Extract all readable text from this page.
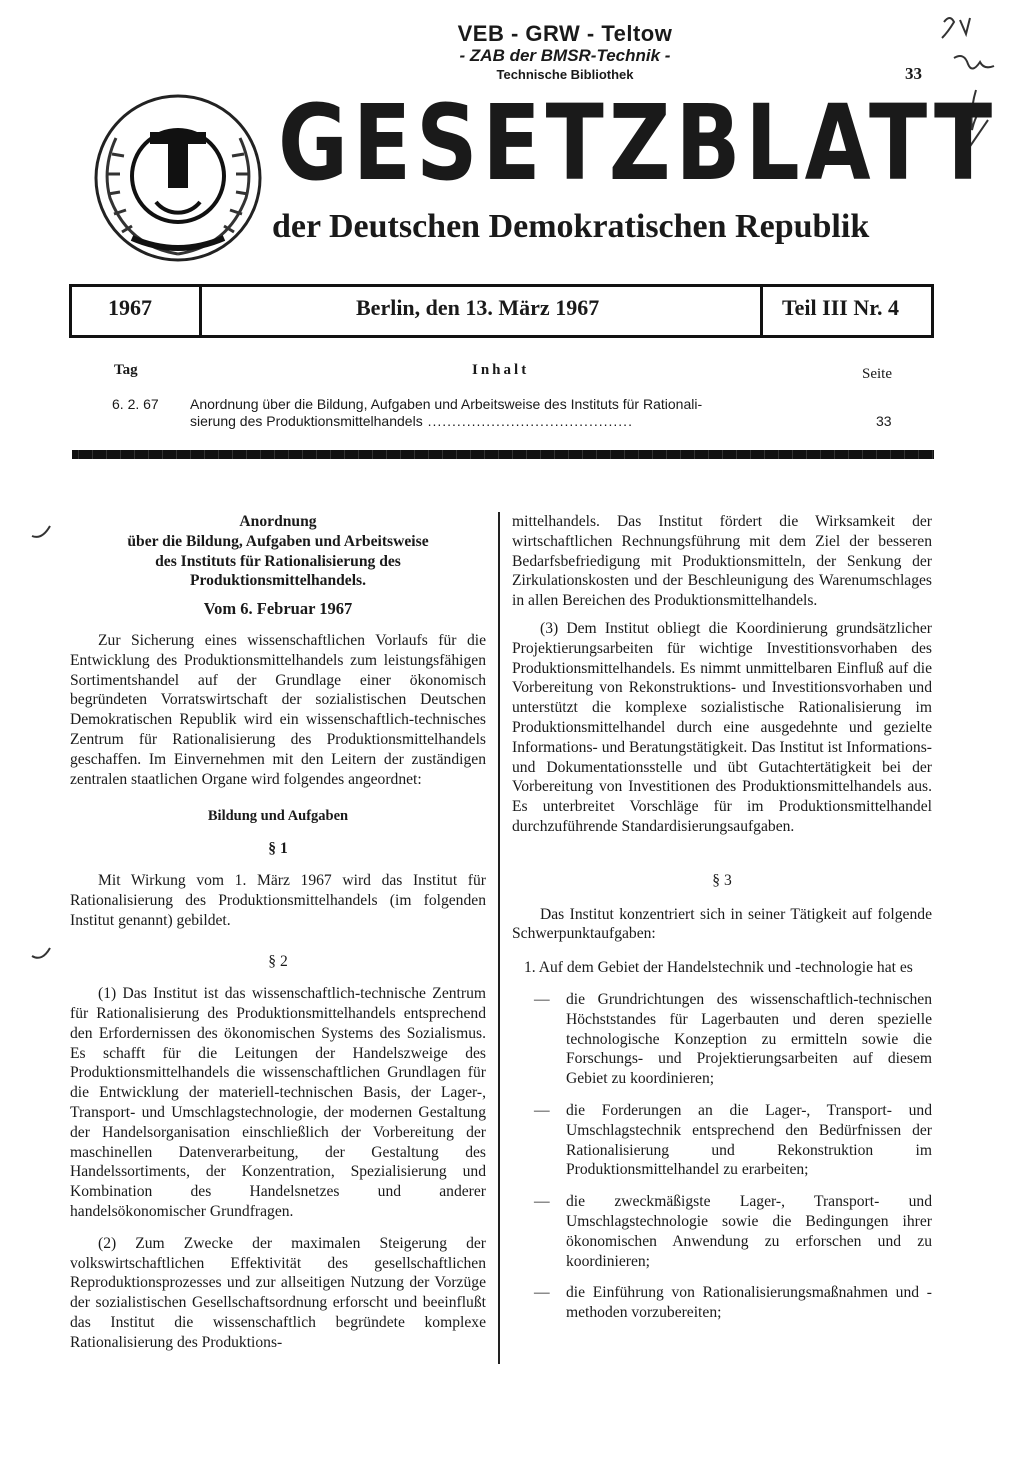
VEB - GRW - Teltow
- ZAB der BMSR-Technik -
Technische Bibliothek	33
GESETZBLATT
der Deutschen Demokratischen Republik
1967	Berlin, den 13. März 1967	Teil III Nr. 4
Tag	Inhalt	Seite
6. 2. 67 Anordnung über die Bildung, Aufgaben und Arbeitsweise des Instituts für Rationali-
sierung des Produktionsmittelhandels ..........................................	33

Anordnung

über die Bildung, Aufgaben und Arbeitsweise

des Instituts für Rationalisierung des

Produktionsmittelhandels.

Vom 6. Februar 1967

Zur Sicherung eines wissenschaftlichen Vorlaufs für die Entwicklung des Produktionsmittelhandels zum leistungsfähigen Sortimentshandel auf der Grundlage einer ökonomisch begründeten Vorratswirtschaft der sozialistischen Deutschen Demokratischen Republik wird ein wissenschaftlich-technisches Zentrum für Rationalisierung des Produktionsmittelhandels geschaffen. Im Einvernehmen mit den Leitern der zuständigen zentralen staatlichen Organe wird folgendes angeordnet:

Bildung und Aufgaben

§ 1

Mit Wirkung vom 1. März 1967 wird das Institut für Rationalisierung des Produktionsmittelhandels (im folgenden Institut genannt) gebildet.

§ 2

(1) Das Institut ist das wissenschaftlich-technische Zentrum für Rationalisierung des Produktionsmittelhandels entsprechend den Erfordernissen des ökonomischen Systems des Sozialismus. Es schafft für die Leitungen der Handelszweige des Produktionsmittelhandels die wissenschaftlichen Grundlagen für die Entwicklung der materiell-technischen Basis, der Lager-, Transport- und Umschlagstechnologie, der modernen Gestaltung der Handelsorganisation einschließlich der Vorbereitung der maschinellen Datenverarbeitung, der Gestaltung des Handelssortiments, der Konzentration, Spezialisierung und Kombination des Handelsnetzes und anderer handelsökonomischer Grundfragen.

(2) Zum Zwecke der maximalen Steigerung der volkswirtschaftlichen Effektivität des gesellschaftlichen Reproduktionsprozesses und zur allseitigen Nutzung der Vorzüge der sozialistischen Gesellschaftsordnung erforscht und beeinflußt das Institut die wissenschaftlich begründete komplexe Rationalisierung des Produktions-

mittelhandels. Das Institut fördert die Wirksamkeit der wirtschaftlichen Rechnungsführung mit dem Ziel der besseren Bedarfsbefriedigung mit Produktionsmitteln, der Senkung der Zirkulationskosten und der Beschleunigung des Warenumschlages in allen Bereichen des Produktionsmittelhandels.

(3) Dem Institut obliegt die Koordinierung grundsätzlicher Projektierungsarbeiten für wichtige Investitionsvorhaben des Produktionsmittelhandels. Es nimmt unmittelbaren Einfluß auf die Vorbereitung von Rekonstruktions- und Investitionsvorhaben und unterstützt die komplexe sozialistische Rationalisierung im Produktionsmittelhandel durch eine ausgedehnte und gezielte Informations- und Beratungstätigkeit. Das Institut ist Informations- und Dokumentationsstelle und übt Gutachtertätigkeit bei der Vorbereitung von Investitionen des Produktionsmittelhandels aus. Es unterbreitet Vorschläge für im Produktionsmittelhandel durchzuführende Standardisierungsaufgaben.

§ 3

Das Institut konzentriert sich in seiner Tätigkeit auf folgende Schwerpunktaufgaben:

1. Auf dem Gebiet der Handelstechnik und -technologie hat es

— die Grundrichtungen des wissenschaftlich-technischen Höchststandes für Lagerbauten und deren spezielle technologische Konzeption zu ermitteln sowie die Forschungs- und Projektierungsarbeiten auf diesem Gebiet zu koordinieren;

— die Forderungen an die Lager-, Transport- und Umschlagstechnik entsprechend den Bedürfnissen der Rationalisierung und Rekonstruktion im Produktionsmittelhandel zu erarbeiten;

— die zweckmäßigste Lager-, Transport- und Umschlagstechnologie sowie die Bedingungen ihrer ökonomischen Anwendung zu erforschen und zu koordinieren;

— die Einführung von Rationalisierungsmaßnahmen und -methoden vorzubereiten;
